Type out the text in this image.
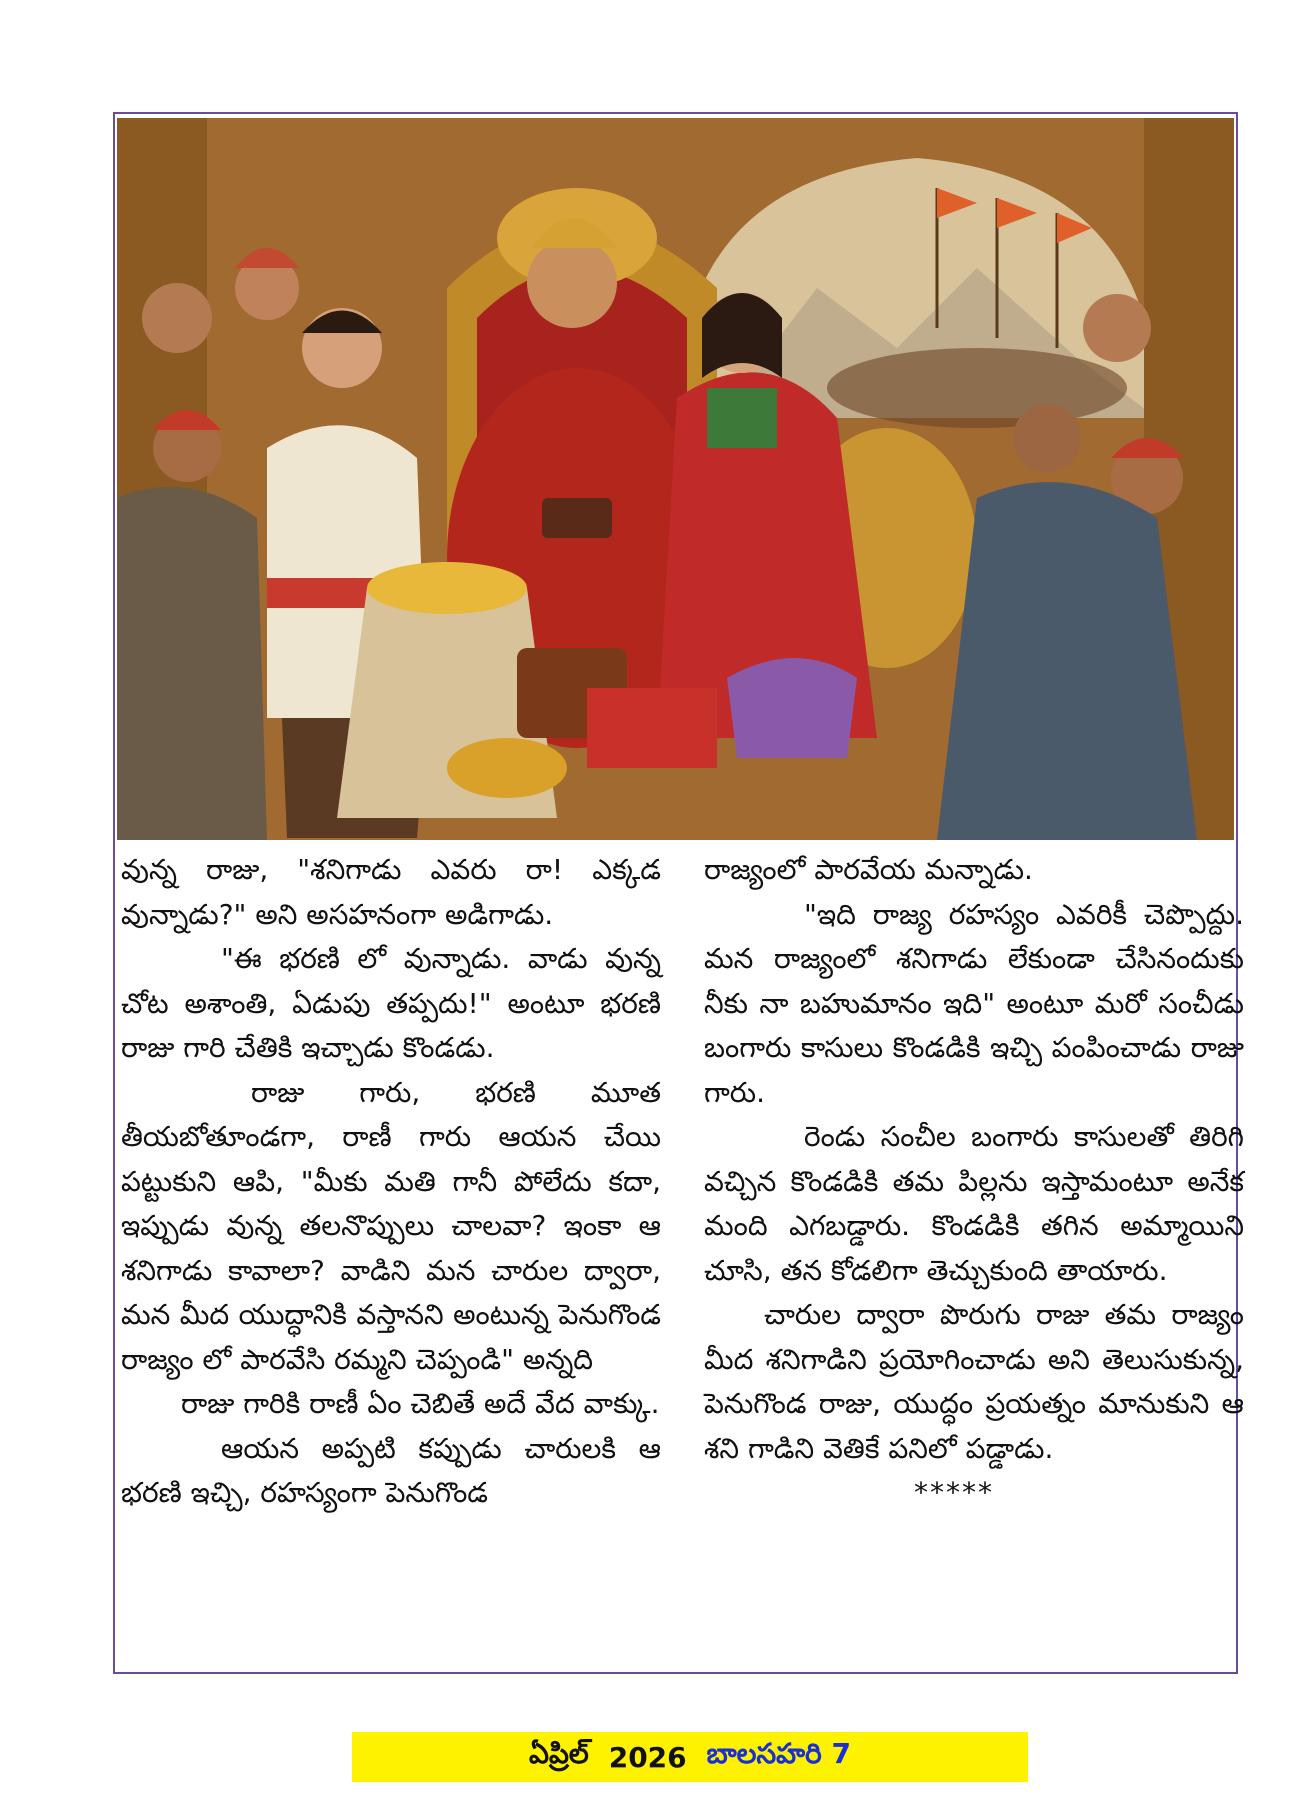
వున్న రాజు, "శనిగాడు ఎవరు రా! ఎక్కడ వున్నాడు?" అని అసహనంగా అడిగాడు.

"ఈ భరణి లో వున్నాడు. వాడు వున్న చోట అశాంతి, ఏడుపు తప్పదు!" అంటూ భరణి రాజు గారి చేతికి ఇచ్చాడు కొండడు.

రాజు గారు, భరణి మూత తీయబోతూండగా, రాణీ గారు ఆయన చేయి పట్టుకుని ఆపి, "మీకు మతి గానీ పోలేదు కదా, ఇప్పుడు వున్న తలనొప్పులు చాలవా? ఇంకా ఆ శనిగాడు కావాలా? వాడిని మన చారుల ద్వారా, మన మీద యుద్ధానికి వస్తానని అంటున్న పెనుగొండ రాజ్యం లో పారవేసి రమ్మని చెప్పండి" అన్నది

రాజు గారికి రాణీ ఏం చెబితే అదే వేద వాక్కు.

ఆయన అప్పటి కప్పుడు చారులకి ఆ భరణి ఇచ్చి, రహస్యంగా పెనుగొండ

రాజ్యంలో పారవేయ మన్నాడు.

"ఇది రాజ్య రహస్యం ఎవరికీ చెప్పొద్దు. మన రాజ్యంలో శనిగాడు లేకుండా చేసినందుకు నీకు నా బహుమానం ఇది" అంటూ మరో సంచీడు బంగారు కాసులు కొండడికి ఇచ్చి పంపించాడు రాజు గారు.

రెండు సంచీల బంగారు కాసులతో తిరిగి వచ్చిన కొండడికి తమ పిల్లను ఇస్తామంటూ అనేక మంది ఎగబడ్డారు. కొండడికి తగిన అమ్మాయిని చూసి, తన కోడలిగా తెచ్చుకుంది తాయారు.

చారుల ద్వారా పొరుగు రాజు తమ రాజ్యం మీద శనిగాడిని ప్రయోగించాడు అని తెలుసుకున్న, పెనుగొండ రాజు, యుద్ధం ప్రయత్నం మానుకుని ఆ శని గాడిని వెతికే పనిలో పడ్డాడు.

*****

ఏప్రిల్ 2026 బాలసహరి 7
